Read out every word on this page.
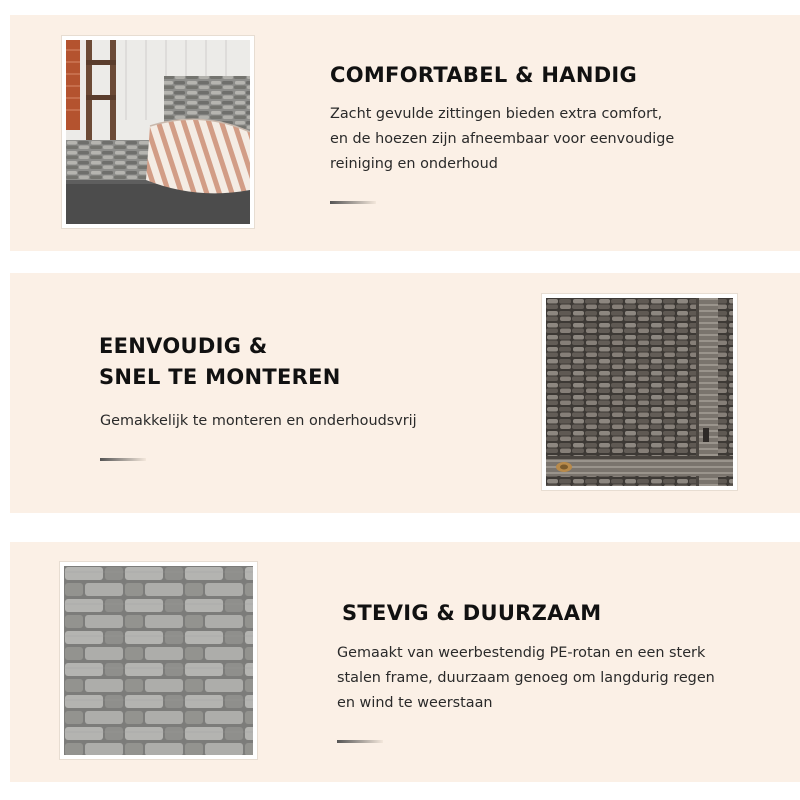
COMFORTABEL & HANDIG

Zacht gevulde zittingen bieden extra comfort,
en de hoezen zijn afneembaar voor eenvoudige
reiniging en onderhoud

EENVOUDIG &
SNEL TE MONTEREN

Gemakkelijk te monteren en onderhoudsvrij

STEVIG & DUURZAAM

Gemaakt van weerbestendig PE-rotan en een sterk
stalen frame, duurzaam genoeg om langdurig regen
en wind te weerstaan
